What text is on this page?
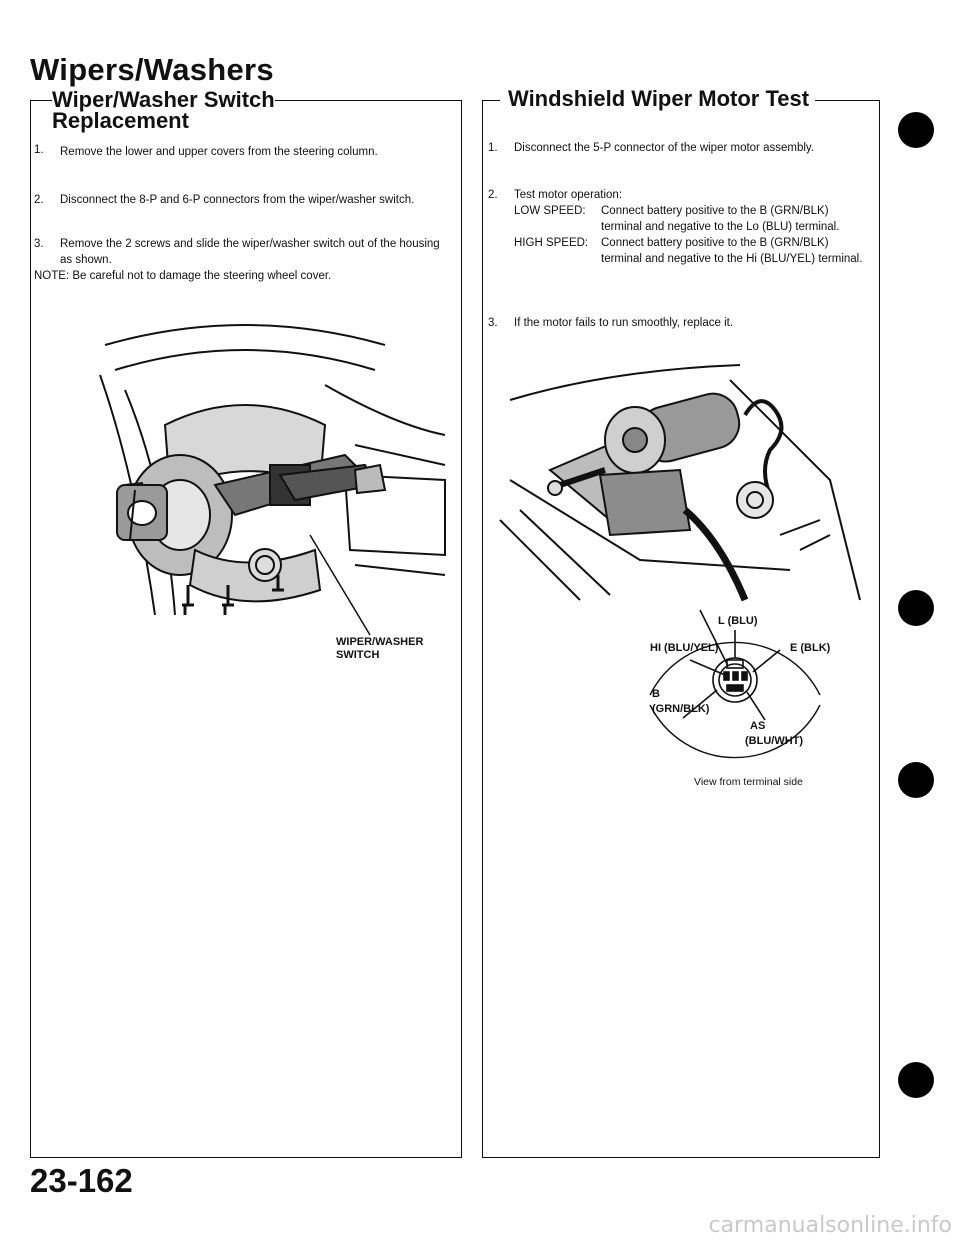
Wipers/Washers
Wiper/Washer Switch
Replacement
1. Remove the lower and upper covers from the steering column.
2. Disconnect the 8-P and 6-P connectors from the wiper/washer switch.
3. Remove the 2 screws and slide the wiper/washer switch out of the housing as shown.
NOTE: Be careful not to damage the steering wheel cover.
WIPER/WASHER
SWITCH
Windshield Wiper Motor Test
1. Disconnect the 5-P connector of the wiper motor assembly.
2. Test motor operation:
LOW SPEED:	Connect battery positive to the B (GRN/BLK) terminal and negative to the Lo (BLU) terminal.
HIGH SPEED:	Connect battery positive to the B (GRN/BLK) terminal and negative to the Hi (BLU/YEL) terminal.
3. If the motor fails to run smoothly, replace it.
L (BLU)
HI (BLU/YEL)	E (BLK)
B
(GRN/BLK)
AS
(BLU/WHT)
View from terminal side
23-162
carmanualsonline.info
